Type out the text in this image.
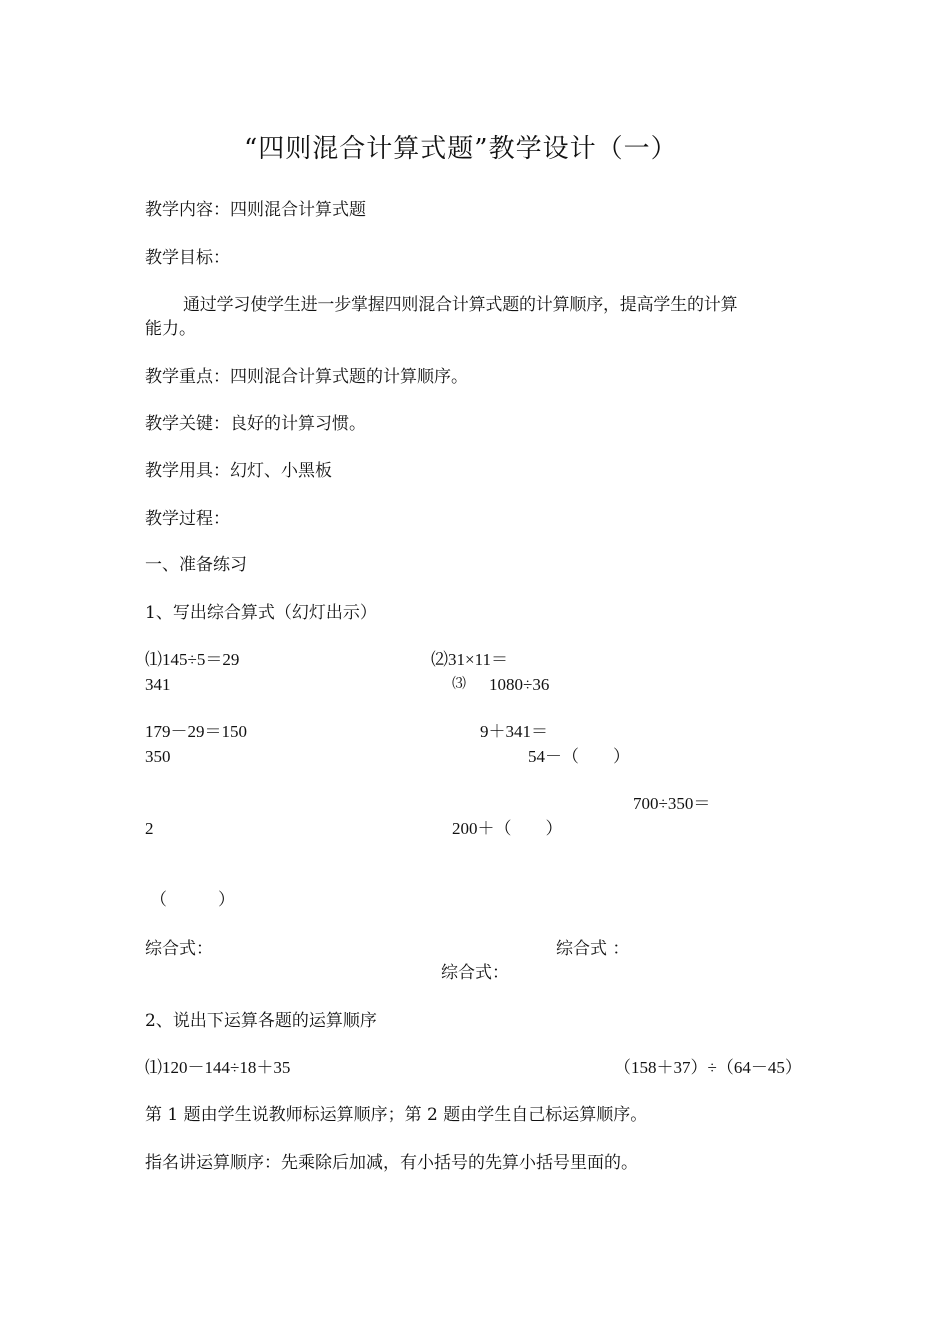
“四则混合计算式题”教学设计（一）
教学内容：四则混合计算式题
教学目标：
通过学习使学生进一步掌握四则混合计算式题的计算顺序，提高学生的计算
能力。
教学重点：四则混合计算式题的计算顺序。
教学关键：良好的计算习惯。
教学用具：幻灯、小黑板
教学过程：
一、准备练习
1、写出综合算式（幻灯出示）
⑴145÷5＝29	⑵31×11＝
341	⑶ 1080÷36
179－29＝150	9＋341＝
350	54－（　　）
700÷350＝
2	200＋（　　）
（　　　）
综合式：	综合式 ：
综合式：
2、说出下运算各题的运算顺序
⑴120－144÷18＋35	（158＋37）÷（64－45）
第 1 题由学生说教师标运算顺序；第 2 题由学生自己标运算顺序。
指名讲运算顺序：先乘除后加减，有小括号的先算小括号里面的。
